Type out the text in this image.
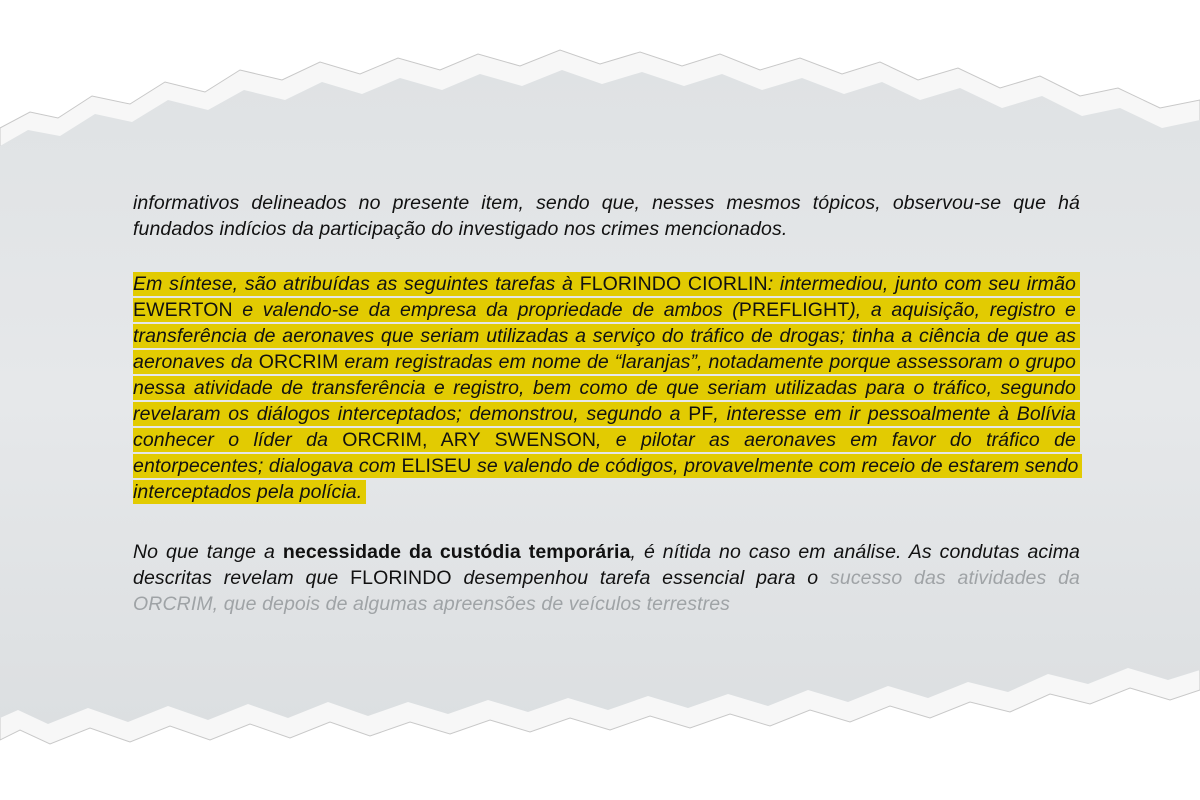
informativos delineados no presente item, sendo que, nesses mesmos tópicos, observou-se que há fundados indícios da participação do investigado nos crimes mencionados.

Em síntese, são atribuídas as seguintes tarefas à FLORINDO CIORLIN: intermediou, junto com seu irmão EWERTON e valendo-se da empresa da propriedade de ambos (PREFLIGHT), a aquisição, registro e transferência de aeronaves que seriam utilizadas a serviço do tráfico de drogas; tinha a ciência de que as aeronaves da ORCRIM eram registradas em nome de “laranjas”, notadamente porque assessoram o grupo nessa atividade de transferência e registro, bem como de que seriam utilizadas para o tráfico, segundo revelaram os diálogos interceptados; demonstrou, segundo a PF, interesse em ir pessoalmente à Bolívia conhecer o líder da ORCRIM, ARY SWENSON, e pilotar as aeronaves em favor do tráfico de entorpecentes; dialogava com ELISEU se valendo de códigos, provavelmente com receio de estarem sendo interceptados pela polícia.

No que tange a necessidade da custódia temporária, é nítida no caso em análise. As condutas acima descritas revelam que FLORINDO desempenhou tarefa essencial para o sucesso das atividades da ORCRIM, que depois de algumas apreensões de veículos terrestres
